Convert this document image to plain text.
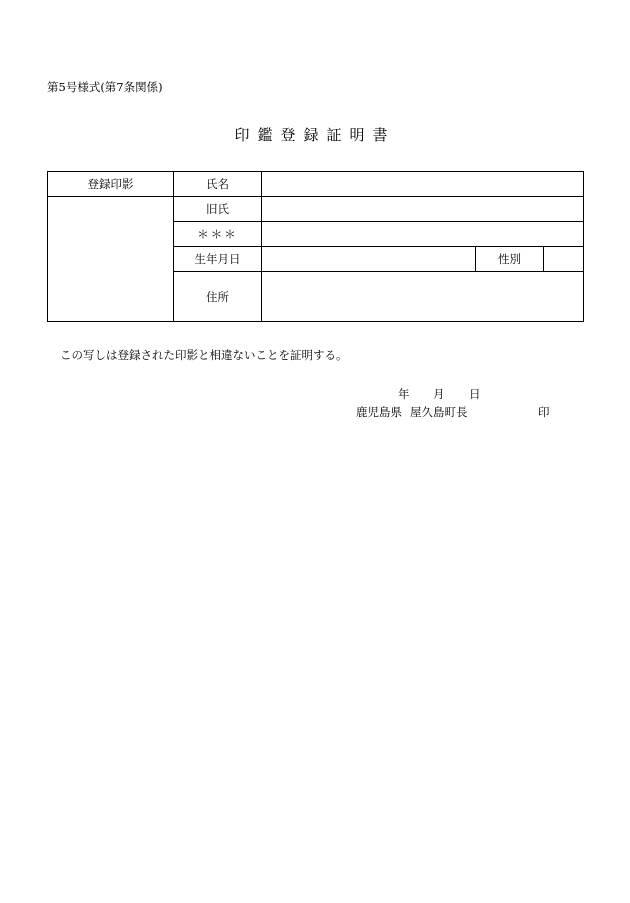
第5号様式(第7条関係)
印鑑登録証明書
登録印影	氏名			
	旧氏			
	＊＊＊			
	生年月日		性別	
	住所			
この写しは登録された印影と相違ないことを証明する。
年 月 日
鹿児島県 屋久島町長	印
